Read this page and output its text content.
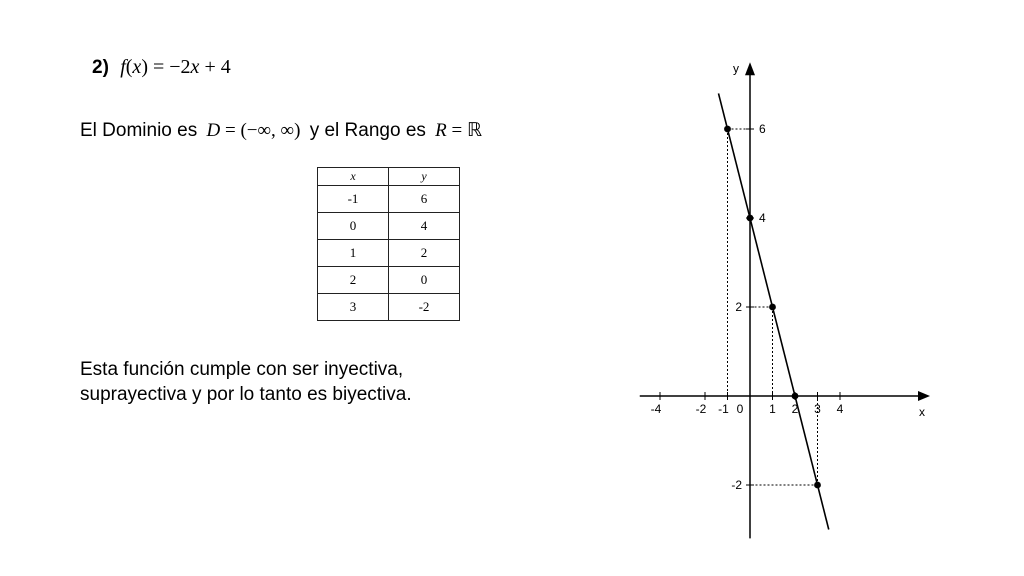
2) f(x) = −2x + 4
El Dominio es D = (−∞, ∞) y el Rango es R = ℝ
x	y
-1	6
0	4
1	2
2	0
3	-2
Esta función cumple con ser inyectiva,
suprayectiva y por lo tanto es biyectiva.
-4	-2 -1 0 1 2 3 4
6
4
2
-2
x
y
